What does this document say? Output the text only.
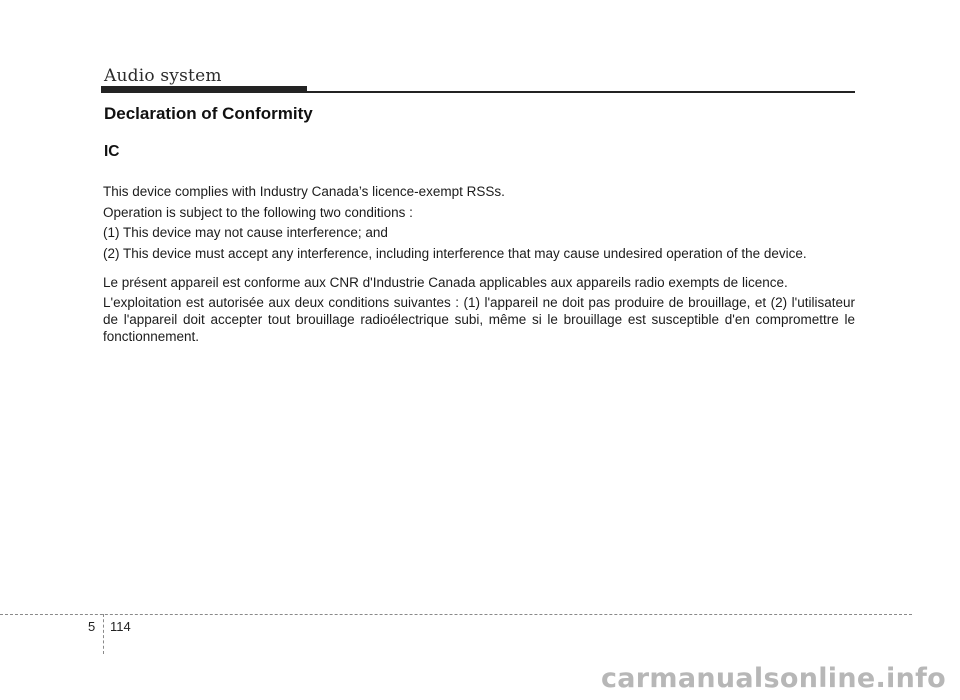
Audio system
Declaration of Conformity
IC

This device complies with Industry Canada’s licence-exempt RSSs.

Operation is subject to the following two conditions :

(1) This device may not cause interference; and

(2) This device must accept any interference, including interference that may cause undesired operation of the device.

Le présent appareil est conforme aux CNR d'Industrie Canada applicables aux appareils radio exempts de licence.

L'exploitation est autorisée aux deux conditions suivantes : (1) l'appareil ne doit pas produire de brouillage, et (2) l'utilisateur de l'appareil doit accepter tout brouillage radioélectrique subi, même si le brouillage est susceptible d'en compromettre le fonctionnement.

5 114
carmanualsonline.info
